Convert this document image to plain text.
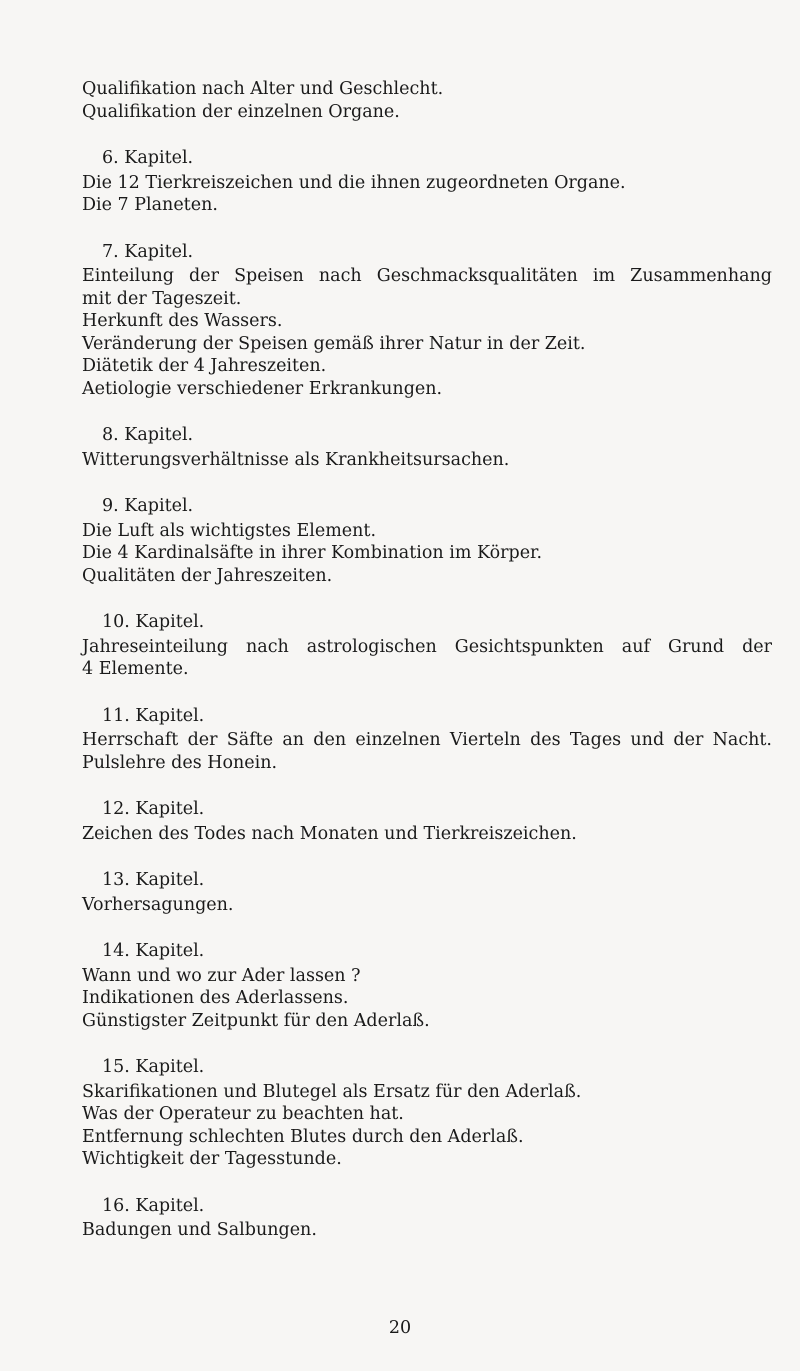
Qualifikation nach Alter und Geschlecht.
Qualifikation der einzelnen Organe.
6. Kapitel.
Die 12 Tierkreiszeichen und die ihnen zugeordneten Organe.
Die 7 Planeten.
7. Kapitel.
Einteilung der Speisen nach Geschmacksqualitäten im Zusammenhang
mit der Tageszeit.
Herkunft des Wassers.
Veränderung der Speisen gemäß ihrer Natur in der Zeit.
Diätetik der 4 Jahreszeiten.
Aetiologie verschiedener Erkrankungen.
8. Kapitel.
Witterungsverhältnisse als Krankheitsursachen.
9. Kapitel.
Die Luft als wichtigstes Element.
Die 4 Kardinalsäfte in ihrer Kombination im Körper.
Qualitäten der Jahreszeiten.
10. Kapitel.
Jahreseinteilung nach astrologischen Gesichtspunkten auf Grund der
4 Elemente.
11. Kapitel.
Herrschaft der Säfte an den einzelnen Vierteln des Tages und der Nacht.
Pulslehre des Honein.
12. Kapitel.
Zeichen des Todes nach Monaten und Tierkreiszeichen.
13. Kapitel.
Vorhersagungen.
14. Kapitel.
Wann und wo zur Ader lassen ?
Indikationen des Aderlassens.
Günstigster Zeitpunkt für den Aderlaß.
15. Kapitel.
Skarifikationen und Blutegel als Ersatz für den Aderlaß.
Was der Operateur zu beachten hat.
Entfernung schlechten Blutes durch den Aderlaß.
Wichtigkeit der Tagesstunde.
16. Kapitel.
Badungen und Salbungen.
20
